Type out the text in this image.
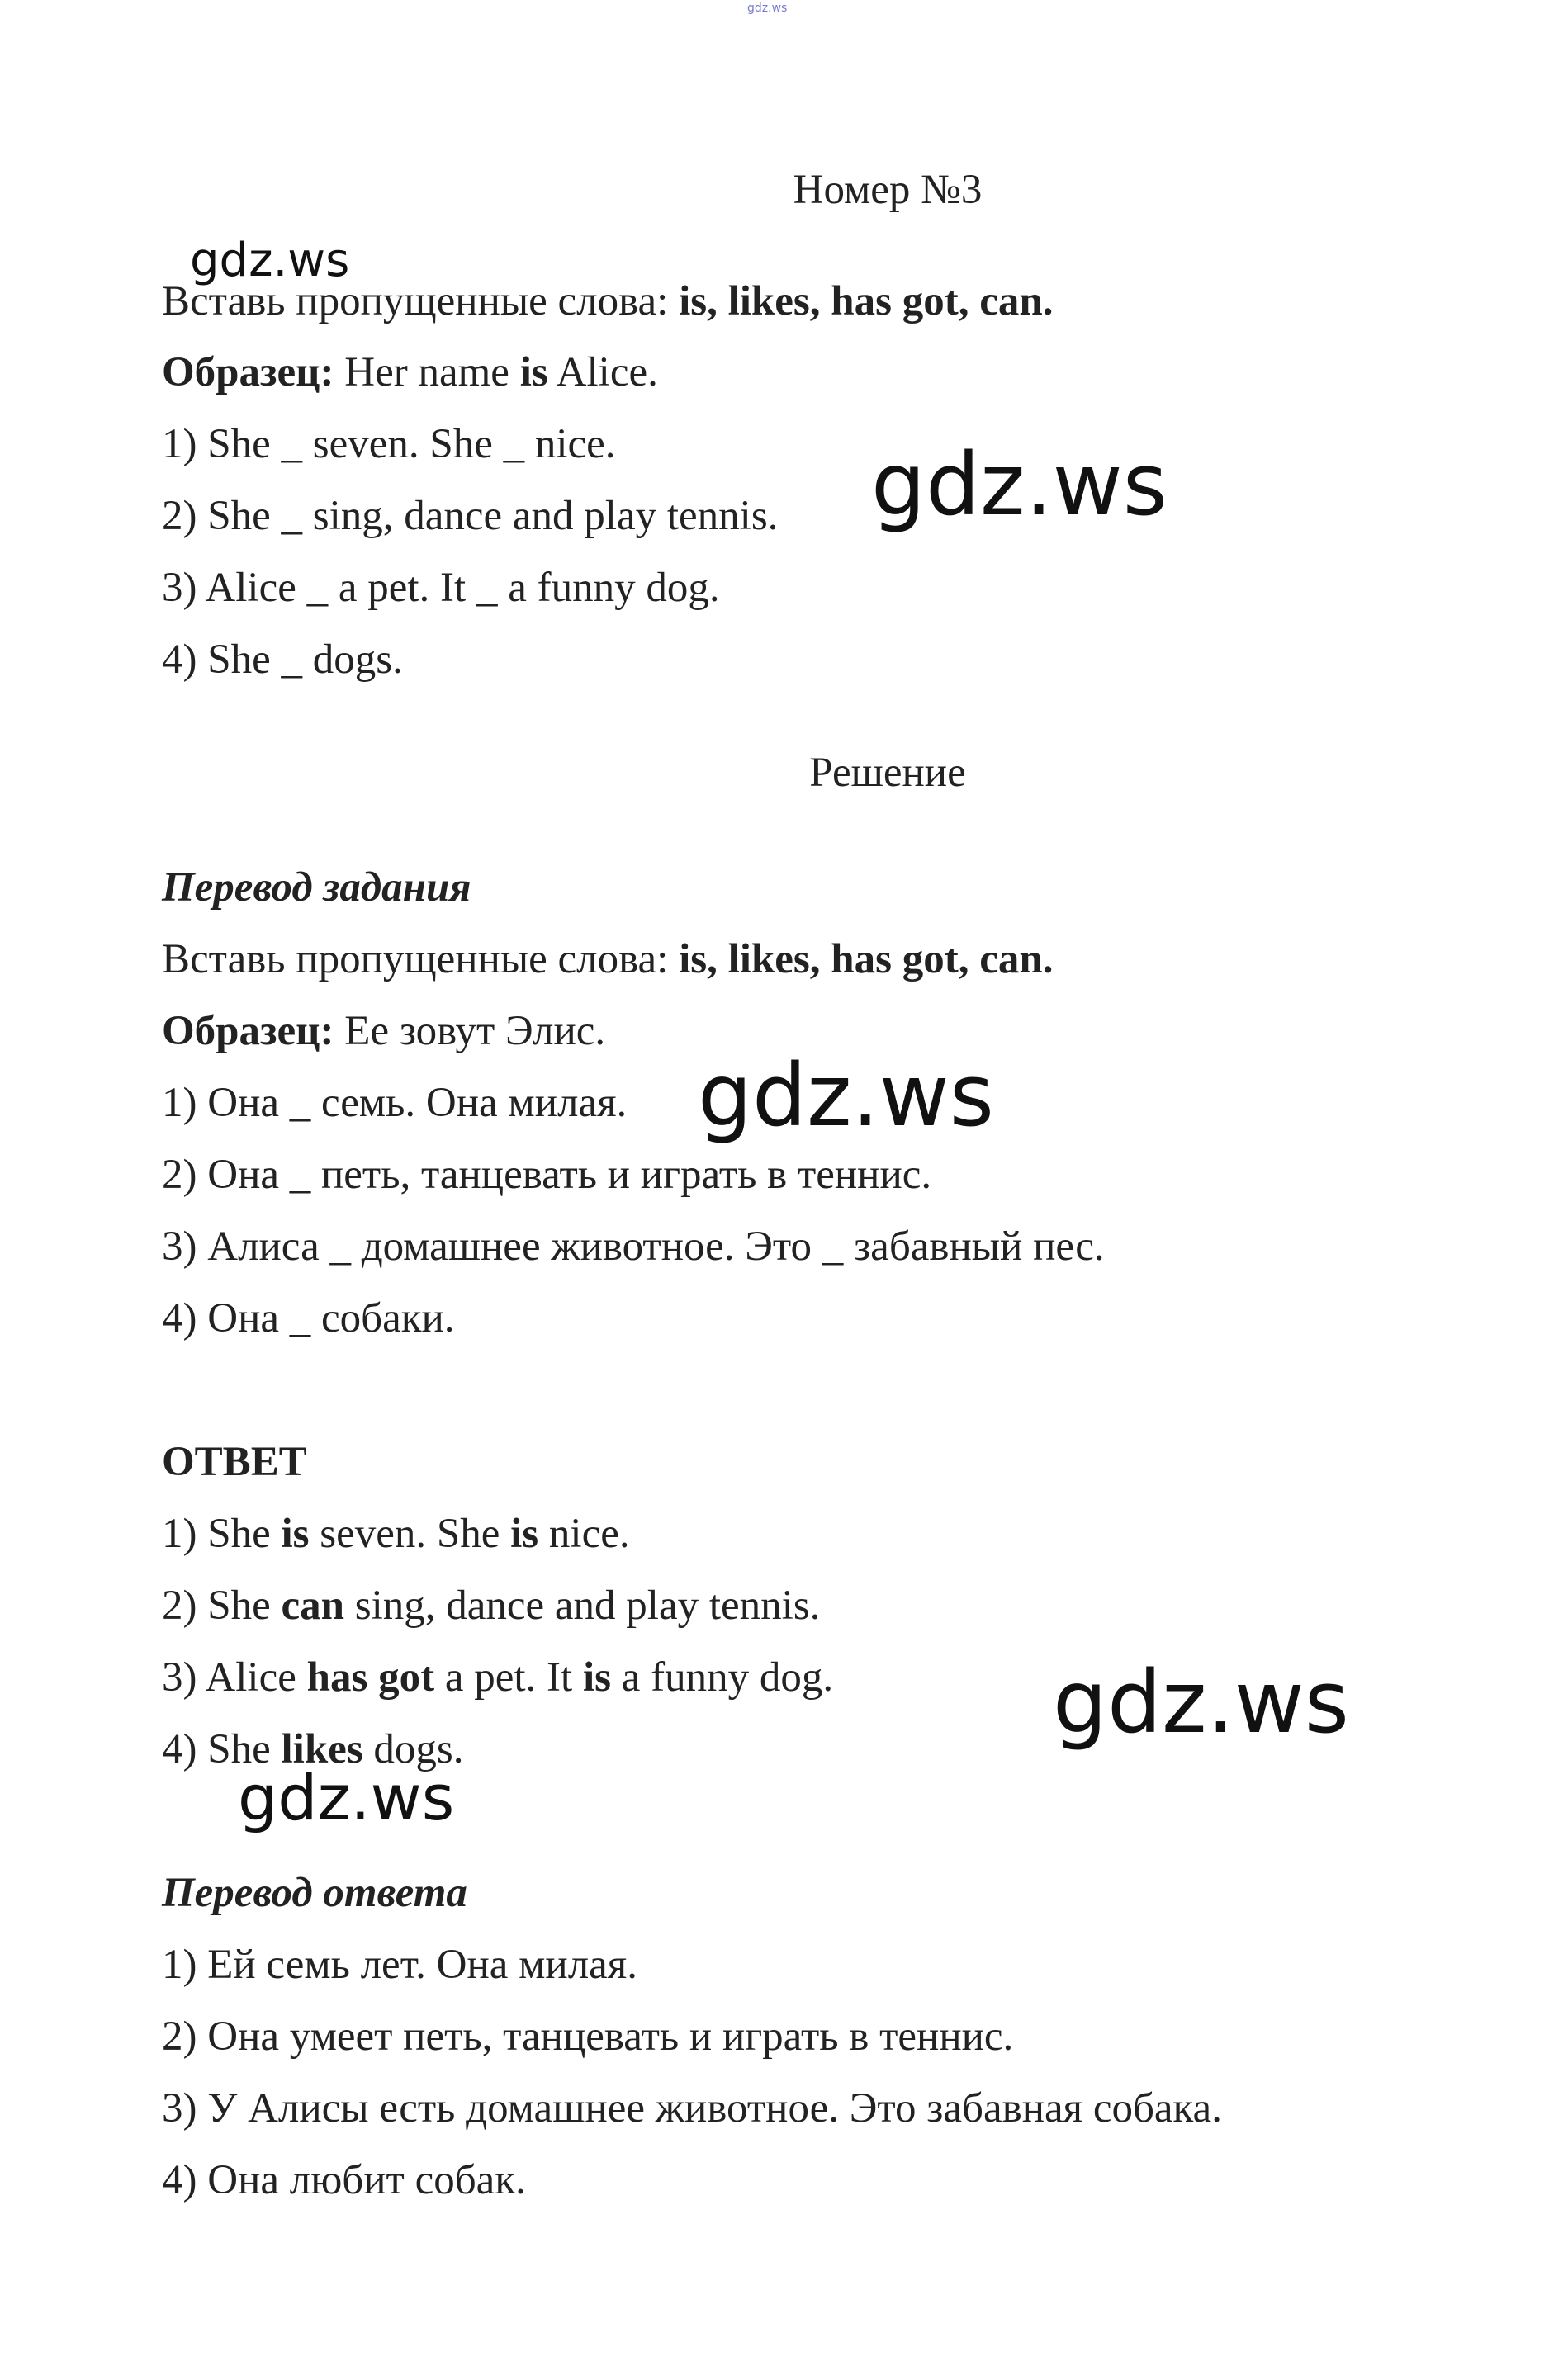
gdz.ws
Номер №3
Вставь пропущенные слова: is, likes, has got, can.
Образец: Her name is Alice.
1) She _ seven. She _ nice.
2) She _ sing, dance and play tennis.
3) Alice _ a pet. It _ a funny dog.
4) She _ dogs.
Решение
Перевод задания
Вставь пропущенные слова: is, likes, has got, can.
Образец: Ее зовут Элис.
1) Она _ семь. Она милая.
2) Она _ петь, танцевать и играть в теннис.
3) Алиса _ домашнее животное. Это _ забавный пес.
4) Она _ собаки.
ОТВЕТ
1) She is seven. She is nice.
2) She can sing, dance and play tennis.
3) Alice has got a pet. It is a funny dog.
4) She likes dogs.
Перевод ответа
1) Ей семь лет. Она милая.
2) Она умеет петь, танцевать и играть в теннис.
3) У Алисы есть домашнее животное. Это забавная собака.
4) Она любит собак.
gdz.ws
gdz.ws
gdz.ws
gdz.ws
gdz.ws
